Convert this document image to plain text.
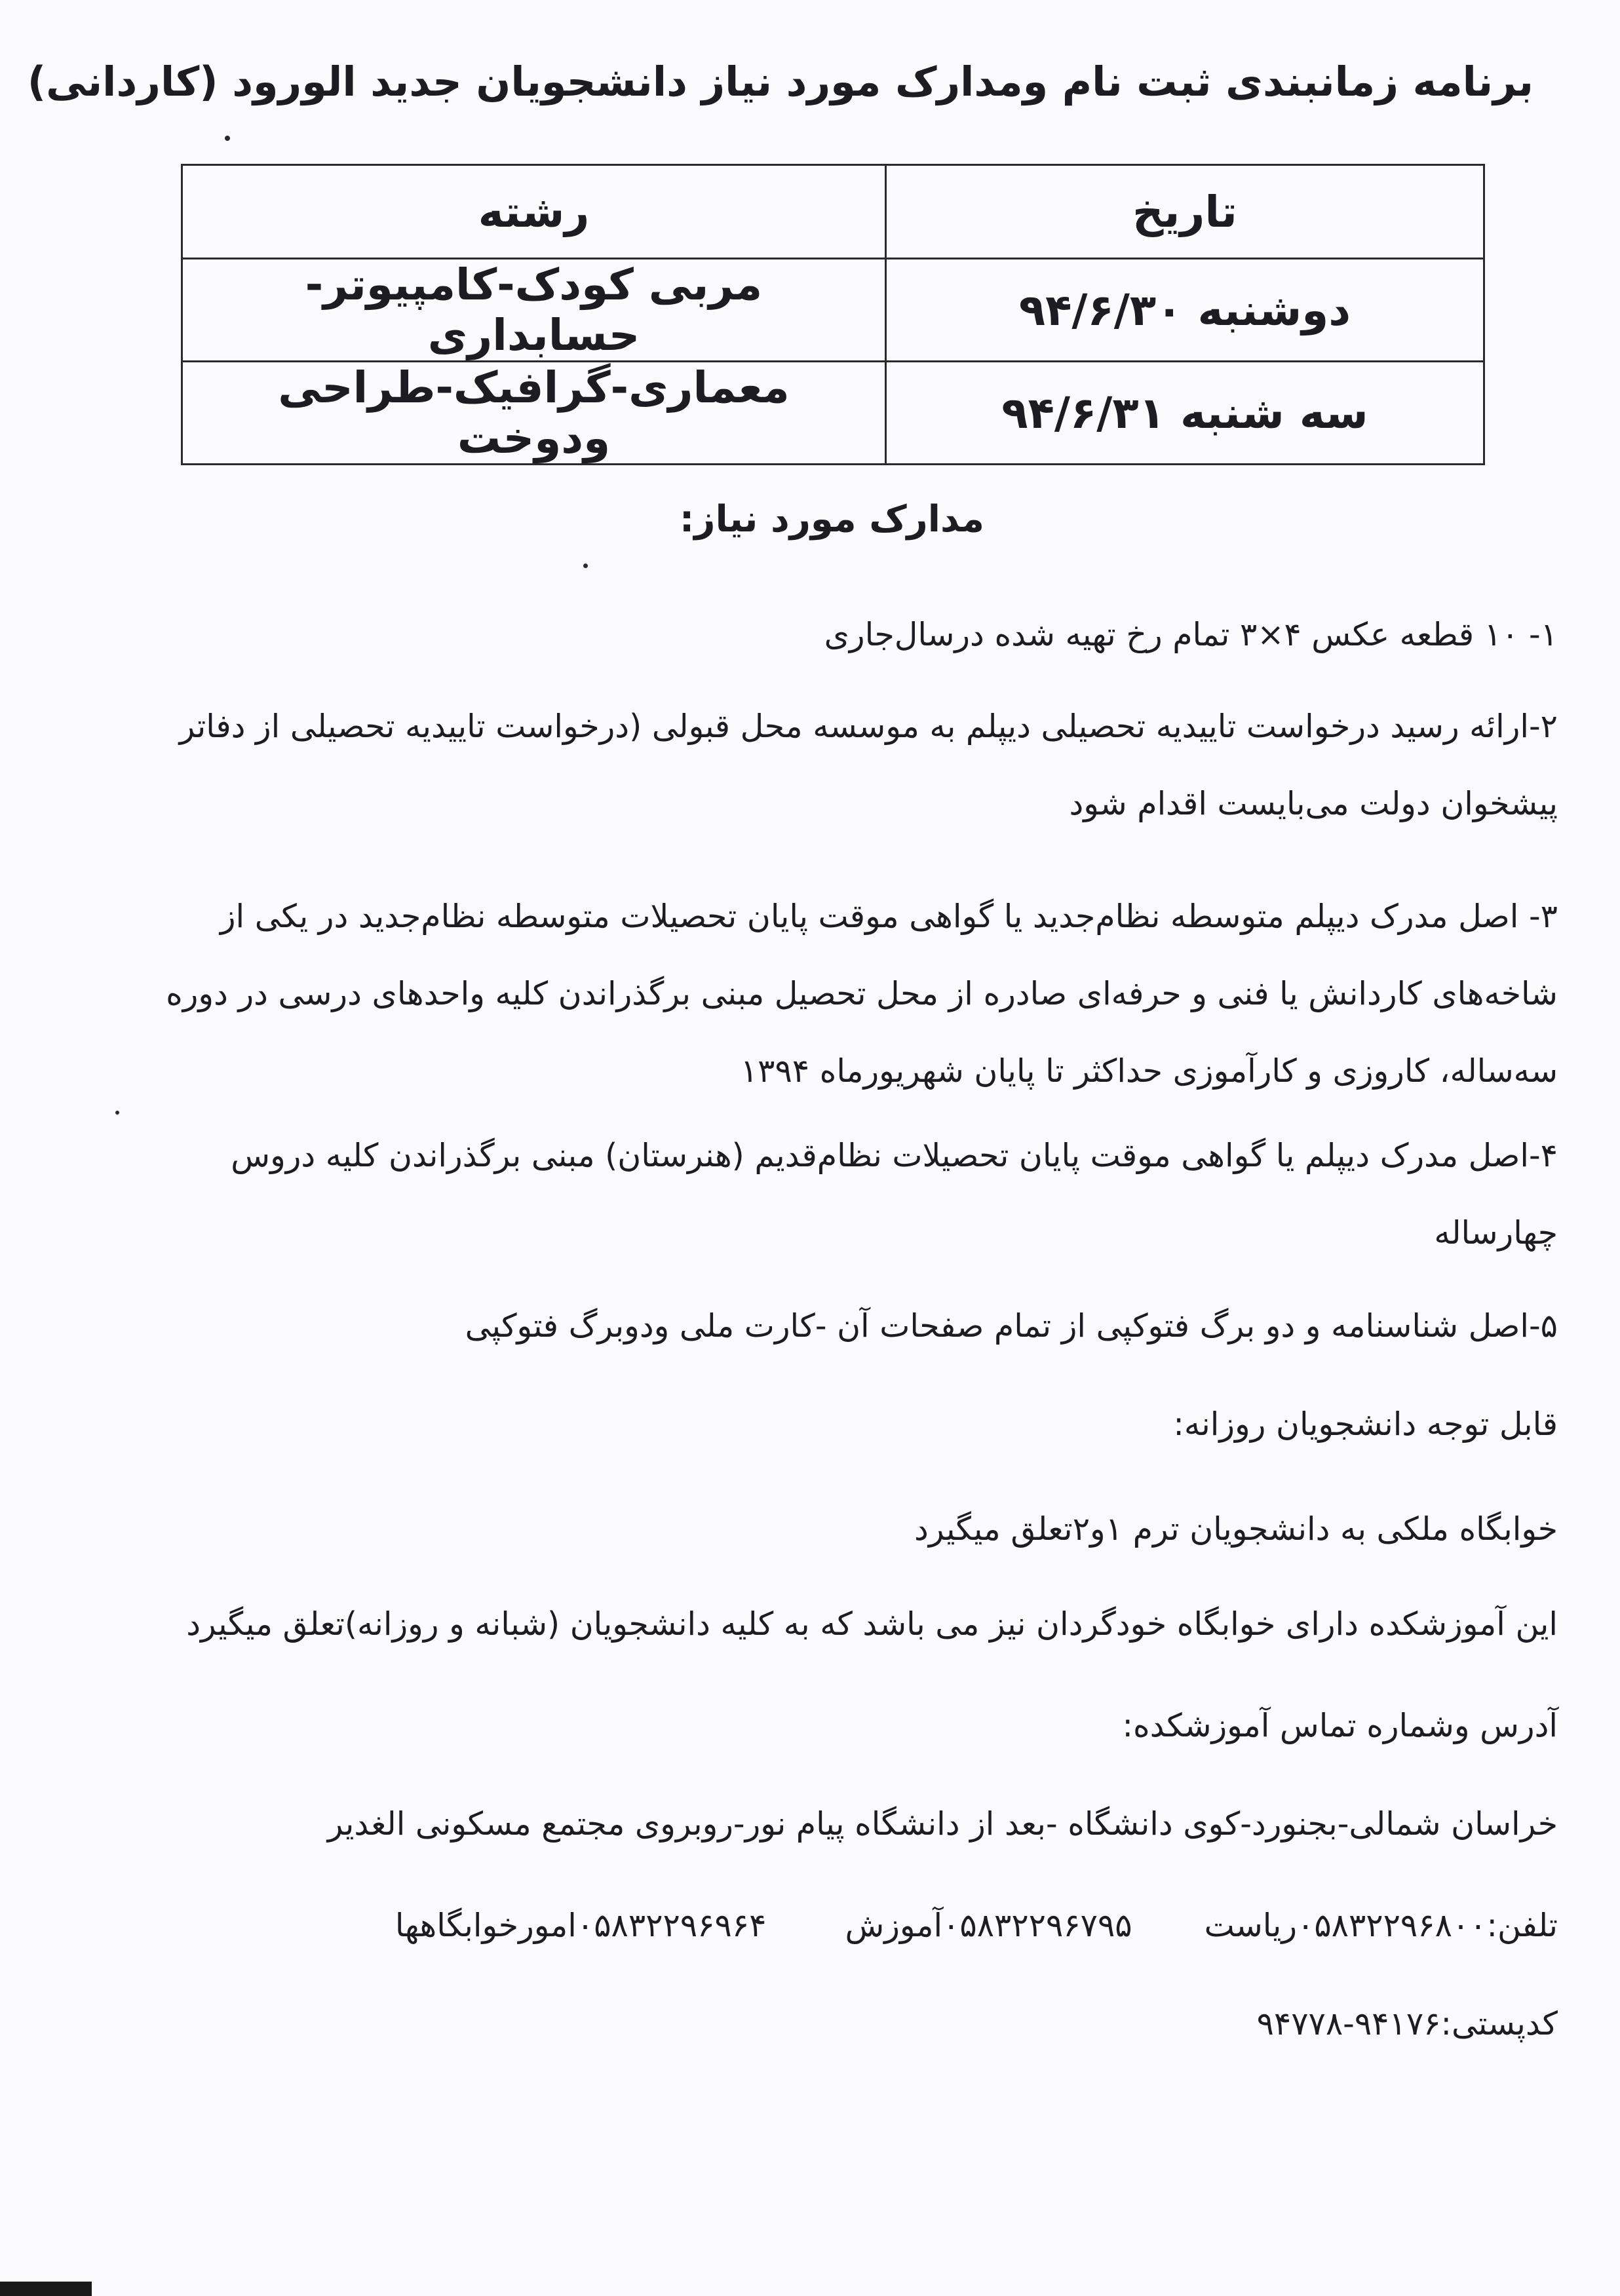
برنامه زمانبندی ثبت نام ومدارک مورد نیاز دانشجویان جدید الورود (کاردانی)
تاریخ	رشته
دوشنبه ۹۴/۶/۳۰	مربی کودک-کامپیوتر-حسابداری
سه شنبه ۹۴/۶/۳۱	معماری-گرافیک-طراحی ودوخت
مدارک مورد نیاز:

۱- ۱۰ قطعه عکس ۴×۳ تمام رخ تهیه شده درسال‌جاری

۲-ارائه رسید درخواست تاییدیه تحصیلی دیپلم به موسسه محل قبولی (درخواست تاییدیه تحصیلی از دفاتر پیشخوان دولت می‌بایست اقدام شود

۳- اصل مدرک دیپلم متوسطه نظام‌جدید یا گواهی موقت پایان تحصیلات متوسطه نظام‌جدید در یکی از شاخه‌های کاردانش یا فنی و حرفه‌ای صادره از محل تحصیل مبنی برگذراندن کلیه واحدهای درسی در دوره سه‌ساله، کاروزی و کارآموزی حداکثر تا پایان شهریورماه ۱۳۹۴

۴-اصل مدرک دیپلم یا گواهی موقت پایان تحصیلات نظام‌قدیم (هنرستان) مبنی برگذراندن کلیه دروس چهارساله

۵-اصل شناسنامه و دو برگ فتوکپی از تمام صفحات آن -کارت ملی ودوبرگ فتوکپی

قابل توجه دانشجویان روزانه:

خوابگاه ملکی به دانشجویان ترم ۱و۲تعلق میگیرد

این آموزشکده دارای خوابگاه خودگردان نیز می باشد که به کلیه دانشجویان (شبانه و روزانه)تعلق میگیرد

آدرس وشماره تماس آموزشکده:

خراسان شمالی-بجنورد-کوی دانشگاه -بعد از دانشگاه پیام نور-روبروی مجتمع مسکونی الغدیر

تلفن:۰۵۸۳۲۲۹۶۸۰۰ریاست۰۵۸۳۲۲۹۶۷۹۵آموزش۰۵۸۳۲۲۹۶۹۶۴امورخوابگاهها

کدپستی:۹۴۱۷۶-۹۴۷۷۸
